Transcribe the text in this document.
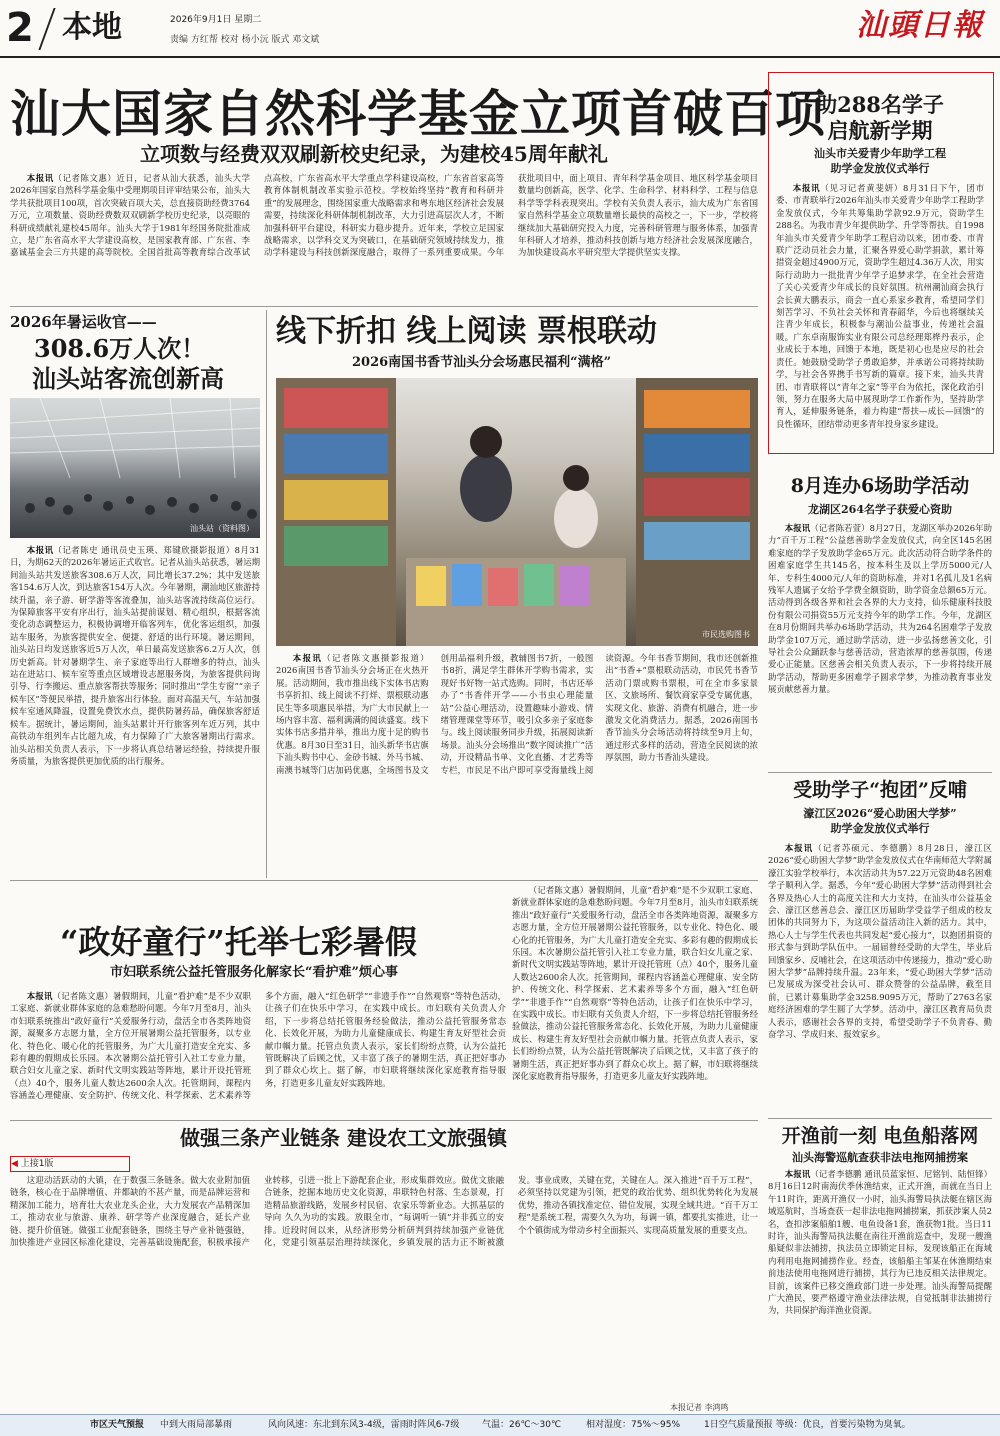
2 本地	2026年9月1日 星期二
责编 方红帮 校对 杨小沅 版式 邓文斌	汕頭日報
汕大国家自然科学基金立项首破百项
立项数与经费双双刷新校史纪录，为建校45周年献礼

本报讯（记者陈文惠）近日，记者从汕大获悉，汕头大学2026年国家自然科学基金集中受理期项目评审结果公布，汕头大学共获批项目100项，首次突破百项大关，总直接资助经费3764万元，立项数量、资助经费数双双刷新学校历史纪录，以亮眼的科研成绩献礼建校45周年。汕头大学于1981年经国务院批准成立，是广东省高水平大学建设高校，是国家教育部、广东省、李嘉诚基金会三方共建的高等院校。全国首批高等教育综合改革试点高校，广东省高水平大学重点学科建设高校，广东省首家高等教育体制机制改革实验示范校。学校始终坚持“教育和科研并重”的发展理念，围绕国家重大战略需求和粤东地区经济社会发展需要，持续深化科研体制机制改革，大力引进高层次人才，不断加强科研平台建设，科研实力稳步提升。近年来，学校立足国家战略需求，以学科交叉为突破口，在基础研究领域持续发力，推动学科建设与科技创新深度融合，取得了一系列重要成果。今年获批项目中，面上项目、青年科学基金项目、地区科学基金项目数量均创新高，医学、化学、生命科学、材料科学、工程与信息科学等学科表现突出。学校有关负责人表示，汕大成为广东省国家自然科学基金立项数量增长最快的高校之一，下一步，学校将继续加大基础研究投入力度，完善科研管理与服务体系，加强青年科研人才培养，推动科技创新与地方经济社会发展深度融合，为加快建设高水平研究型大学提供坚实支撑。

2026年暑运收官——
308.6万人次！
汕头站客流创新高
汕头站（资料图）

本报讯（记者陈史 通讯员史玉瑛、郑键欣摄影报道）8月31日，为期62天的2026年暑运正式收官。记者从汕头站获悉，暑运期间汕头站共发送旅客308.6万人次，同比增长37.2%；其中发送旅客154.6万人次，到达旅客154万人次。今年暑期，潮汕地区旅游持续升温，亲子游、研学游等客流叠加，汕头站客流持续高位运行。为保障旅客平安有序出行，汕头站提前谋划、精心组织，根据客流变化动态调整运力，积极协调增开临客列车，优化客运组织，加强站车服务，为旅客提供安全、便捷、舒适的出行环境。暑运期间，汕头站日均发送旅客近5万人次，单日最高发送旅客6.2万人次，创历史新高。针对暑期学生、亲子家庭等出行人群增多的特点，汕头站在进站口、候车室等重点区域增设志愿服务岗，为旅客提供问询引导、行李搬运、重点旅客帮扶等服务；同时推出“学生专窗”“亲子候车区”等便民举措，提升旅客出行体验。面对高温天气，车站加强候车室通风降温，设置免费饮水点，提供防暑药品，确保旅客舒适候车。据统计，暑运期间，汕头站累计开行旅客列车近万列，其中高铁动车组列车占比超九成，有力保障了广大旅客暑期出行需求。汕头站相关负责人表示，下一步将认真总结暑运经验，持续提升服务质量，为旅客提供更加优质的出行服务。

线下折扣 线上阅读 票根联动
2026南国书香节汕头分会场惠民福利“满格”
市民选购图书

本报讯（记者陈文惠摄影报道）2026南国书香节汕头分会场正在火热开展。活动期间，我市推出线下实体书店购书享折扣、线上阅读不打烊、票根联动惠民生等多项惠民举措，为广大市民献上一场内容丰富、福利满满的阅读盛宴。线下实体书店多措并举，推出力度十足的购书优惠。8月30日至31日，汕头新华书店旗下汕头购书中心、金砂书城、外马书城、南澳书城等门店加码优惠，全场图书及文创用品福利升级，教辅图书7折，一般图书8折，满足学生群体开学购书需求，实现好书好物一站式选购。同时，书店还举办了“书香伴开学——小书虫心理能量站”公益心理活动，设置趣味小游戏、情绪管理课堂等环节，吸引众多亲子家庭参与。线上阅读服务同步升级，拓展阅读新场景。汕头分会场推出“数字阅读推广”活动，开设精品书单、文化直播、才艺秀等专栏，市民足不出户即可享受海量线上阅读资源。今年书香节期间，我市还创新推出“书香+”票根联动活动，市民凭书香节活动门票或购书票根，可在全市多家景区、文旅场所、餐饮商家享受专属优惠，实现文化、旅游、消费有机融合，进一步激发文化消费活力。据悉，2026南国书香节汕头分会场活动将持续至9月上旬，通过形式多样的活动，营造全民阅读的浓厚氛围，助力书香汕头建设。

“政好童行”托举七彩暑假
市妇联系统公益托管服务化解家长“看护难”烦心事

本报讯（记者陈文惠）暑假期间，儿童“看护难”是不少双职工家庭、新就业群体家庭的急难愁盼问题。今年7月至8月，汕头市妇联系统推出“政好童行”关爱服务行动，盘活全市各类阵地资源，凝聚多方志愿力量，全方位开展暑期公益托管服务，以专业化、特色化、暖心化的托管服务，为广大儿童打造安全充实、多彩有趣的假期成长乐园。本次暑期公益托管引入社工专业力量，联合妇女儿童之家、新时代文明实践站等阵地，累计开设托管班（点）40个，服务儿童人数达2600余人次。托管期间，课程内容涵盖心理健康、安全防护、传统文化、科学探索、艺术素养等多个方面，融入“红色研学”“非遗手作”“自然观察”等特色活动，让孩子们在快乐中学习，在实践中成长。市妇联有关负责人介绍，下一步将总结托管服务经验做法，推动公益托管服务常态化、长效化开展，为助力儿童健康成长、构建生育友好型社会贡献巾帼力量。托管点负责人表示，家长们纷纷点赞，认为公益托管既解决了后顾之忧，又丰富了孩子的暑期生活，真正把好事办到了群众心坎上。据了解，市妇联将继续深化家庭教育指导服务，打造更多儿童友好实践阵地。

（记者陈文惠）暑假期间，儿童“看护难”是不少双职工家庭、新就业群体家庭的急难愁盼问题。今年7月至8月，汕头市妇联系统推出“政好童行”关爱服务行动，盘活全市各类阵地资源，凝聚多方志愿力量，全方位开展暑期公益托管服务，以专业化、特色化、暖心化的托管服务，为广大儿童打造安全充实、多彩有趣的假期成长乐园。本次暑期公益托管引入社工专业力量，联合妇女儿童之家、新时代文明实践站等阵地，累计开设托管班（点）40个，服务儿童人数达2600余人次。托管期间，课程内容涵盖心理健康、安全防护、传统文化、科学探索、艺术素养等多个方面，融入“红色研学”“非遗手作”“自然观察”等特色活动，让孩子们在快乐中学习，在实践中成长。市妇联有关负责人介绍，下一步将总结托管服务经验做法，推动公益托管服务常态化、长效化开展，为助力儿童健康成长、构建生育友好型社会贡献巾帼力量。托管点负责人表示，家长们纷纷点赞，认为公益托管既解决了后顾之忧，又丰富了孩子的暑期生活，真正把好事办到了群众心坎上。据了解，市妇联将继续深化家庭教育指导服务，打造更多儿童友好实践阵地。

做强三条产业链条 建设农工文旅强镇
◀ 上接1版

这迎动活跃动的大镇，在于数强三条链条。做大农业附加值链条，核心在于品牌增值、并都缺的不甚产量，而是品牌运营和精深加工能力，培育壮大农业龙头企业，大力发展农产品精深加工，推动农业与旅游、康养、研学等产业深度融合，延长产业链、提升价值链。做强工业配套链条，围绕主导产业补链强链，加快推进产业园区标准化建设，完善基础设施配套，积极承接产业转移，引进一批上下游配套企业，形成集群效应。做优文旅融合链条，挖掘本地历史文化资源，串联特色村落、生态景观，打造精品旅游线路，发展乡村民宿、农家乐等新业态。大抓基层的导向 久久为功的实践。放眼全市，“每调听一镇”并非孤立的安排。近段时间以来，从经济形势分析研判到持续加强产业链优化，党建引领基层治理持续深化，乡镇发展的活力正不断被激发。事业成败，关键在党，关键在人。深入推进“百千万工程”，必须坚持以党建为引领，把党的政治优势、组织优势转化为发展优势，推动各镇找准定位、错位发展，实现全域共进。“百千万工程”是系统工程，需要久久为功，每调一镇，都要扎实推进，让一个个镇街成为带动乡村全面振兴、实现高质量发展的重要支点。

本报记者 李鸿鸣
助288名学子
启航新学期
汕头市关爱青少年助学工程
助学金发放仪式举行

本报讯（见习记者黄斐妍）8月31日下午，团市委、市青联举行2026年汕头市关爱青少年助学工程助学金发放仪式，今年共筹集助学款92.9万元，资助学生288名。为我市青少年提供助学、升学等帮扶。自1998年汕头市关爱青少年助学工程启动以来，团市委、市青联广泛动员社会力量，汇聚各界爱心助学捐款，累计筹措资金超过4900万元，资助学生超过4.36万人次，用实际行动助力一批批青少年学子追梦求学，在全社会营造了关心关爱青少年成长的良好氛围。杭州潮汕商会执行会长黄大鹏表示，商会一直心系家乡教育，希望同学们刻苦学习、不负社会关怀和青春韶华，今后也将继续关注青少年成长，积极参与潮汕公益事业，传递社会温暖。广东卓南服饰实业有限公司总经理郑桦丹表示，企业成长于本地，回馈于本地，既是初心也是应尽的社会责任。她鼓励受助学子勇敢追梦，并承诺公司将持续助学，与社会各界携手书写新的篇章。接下来，汕头共青团、市青联将以“青年之家”等平台为依托，深化政治引领，努力在服务大局中展现助学工作新作为，坚持助学育人，延伸服务链条，着力构建“帮扶—成长—回馈”的良性循环，团结带动更多青年投身家乡建设。

8月连办6场助学活动
龙湖区264名学子获爱心资助

本报讯（记者陈若萱）8月27日，龙湖区举办2026年助力“百千万工程”公益慈善助学金发放仪式，向全区145名困难家庭的学子发放助学金65万元。此次活动符合助学条件的困难家庭学生共145名，按本科生及以上学历5000元/人年、专科生4000元/人年的资助标准，并对1名孤儿及1名病残军人遗属子女给予学费全额资助，助学资金总额65万元。活动得到各级各界和社会各界的大力支持，仙乐健康科技股份有限公司捐资55万元支持今年的助学工作。今年，龙湖区在8月份期间共举办6场助学活动，共为264名困难学子发放助学金107万元，通过助学活动，进一步弘扬慈善文化，引导社会公众踊跃参与慈善活动，营造浓厚的慈善氛围，传递爱心正能量。区慈善会相关负责人表示，下一步将持续开展助学活动，帮助更多困难学子圆求学梦，为推动教育事业发展贡献慈善力量。

受助学子“抱团”反哺
濠江区2026“爱心助困大学梦”
助学金发放仪式举行

本报讯（记者苏硕元、李德鹏）8月28日，濠江区2026“爱心助困大学梦”助学金发放仪式在华南师范大学附属濠江实验学校举行，本次活动共为57.22万元资助48名困难学子顺利入学。据悉，今年“爱心助困大学梦”活动得到社会各界及热心人士的高度关注和大力支持，在汕头市公益基金会、濠江区慈善总会、濠江区历届助学受益学子组成的校友团体的共同努力下，为这项公益活动注入新的活力。其中，热心人士与学生代表也共同发起“爱心接力”，以抱团捐资的形式参与到助学队伍中。一届届曾经受助的大学生，毕业后回馈家乡、反哺社会，在这项活动中传递接力，推动“爱心助困大学梦”品牌持续升温。23年来，“爱心助困大学梦”活动已发展成为深受社会认可、群众赞誉的公益品牌，截至目前，已累计募集助学金3258.9095万元，帮助了2763名家庭经济困难的学生圆了大学梦。活动中，濠江区教育局负责人表示，感谢社会各界的支持，希望受助学子不负青春、勤奋学习、学成归来、报效家乡。

开渔前一刻 电鱼船落网
汕头海警巡航查获非法电拖网捕捞案

本报讯（记者李德鹏 通讯员蓝家恒、尼铭钊、陆恒锋）8月16日12时南海伏季休渔结束，正式开渔，而就在当日上午11时许，距离开渔仅一小时，汕头海警局执法艇在辖区海域巡航时，当场查获一起非法电拖网捕捞案，抓获涉案人员2名，查扣涉案船舶1艘、电鱼设备1套，渔获物1批。当日11时许，汕头海警局执法艇在南往开渔前巡查中，发现一艘渔船疑似非法捕捞，执法员立即锁定目标，发现该船正在海域内利用电拖网捕捞作业。经查，该船船主邹某在休渔期结束前违法使用电拖网进行捕捞，其行为已违反相关法律规定。目前，该案件已移交渔政部门进一步处理。汕头海警局提醒广大渔民，要严格遵守渔业法律法规，自觉抵制非法捕捞行为，共同保护海洋渔业资源。

市区天气预报 中到大雨局部暴雨	风向风速：东北到东风3-4级，雷雨时阵风6-7级	气温：26℃～30℃	相对湿度：75%～95%	1日空气质量预报 等级：优良，首要污染物为臭氧。
